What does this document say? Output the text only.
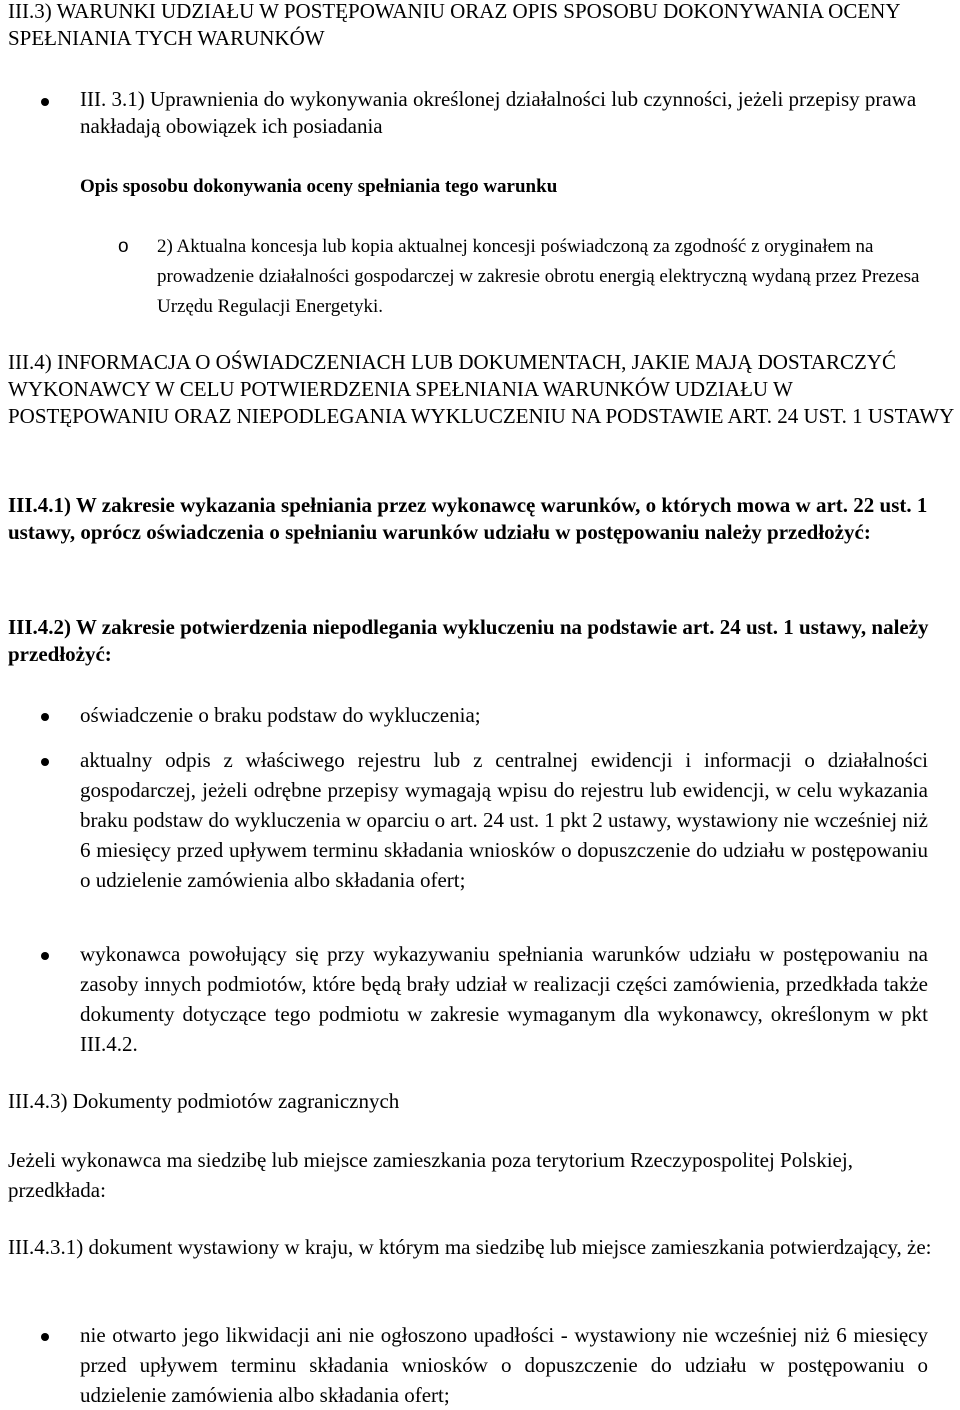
III.3) WARUNKI UDZIAŁU W POSTĘPOWANIU ORAZ OPIS SPOSOBU DOKONYWANIA OCENY SPEŁNIANIA TYCH WARUNKÓW

III. 3.1) Uprawnienia do wykonywania określonej działalności lub czynności, jeżeli przepisy prawa nakładają obowiązek ich posiadania

Opis sposobu dokonywania oceny spełniania tego warunku

o 2) Aktualna koncesja lub kopia aktualnej koncesji poświadczoną za zgodność z oryginałem na prowadzenie działalności gospodarczej w zakresie obrotu energią elektryczną wydaną przez Prezesa Urzędu Regulacji Energetyki.

III.4) INFORMACJA O OŚWIADCZENIACH LUB DOKUMENTACH, JAKIE MAJĄ DOSTARCZYĆ WYKONAWCY W CELU POTWIERDZENIA SPEŁNIANIA WARUNKÓW UDZIAŁU W POSTĘPOWANIU ORAZ NIEPODLEGANIA WYKLUCZENIU NA PODSTAWIE ART. 24 UST. 1 USTAWY

III.4.1) W zakresie wykazania spełniania przez wykonawcę warunków, o których mowa w art. 22 ust. 1 ustawy, oprócz oświadczenia o spełnianiu warunków udziału w postępowaniu należy przedłożyć:

III.4.2) W zakresie potwierdzenia niepodlegania wykluczeniu na podstawie art. 24 ust. 1 ustawy, należy przedłożyć:

oświadczenie o braku podstaw do wykluczenia;

aktualny odpis z właściwego rejestru lub z centralnej ewidencji i informacji o działalności gospodarczej, jeżeli odrębne przepisy wymagają wpisu do rejestru lub ewidencji, w celu wykazania braku podstaw do wykluczenia w oparciu o art. 24 ust. 1 pkt 2 ustawy, wystawiony nie wcześniej niż 6 miesięcy przed upływem terminu składania wniosków o dopuszczenie do udziału w postępowaniu o udzielenie zamówienia albo składania ofert;

wykonawca powołujący się przy wykazywaniu spełniania warunków udziału w postępowaniu na zasoby innych podmiotów, które będą brały udział w realizacji części zamówienia, przedkłada także dokumenty dotyczące tego podmiotu w zakresie wymaganym dla wykonawcy, określonym w pkt III.4.2.

III.4.3) Dokumenty podmiotów zagranicznych

Jeżeli wykonawca ma siedzibę lub miejsce zamieszkania poza terytorium Rzeczypospolitej Polskiej, przedkłada:

III.4.3.1) dokument wystawiony w kraju, w którym ma siedzibę lub miejsce zamieszkania potwierdzający, że:

nie otwarto jego likwidacji ani nie ogłoszono upadłości - wystawiony nie wcześniej niż 6 miesięcy przed upływem terminu składania wniosków o dopuszczenie do udziału w postępowaniu o udzielenie zamówienia albo składania ofert;
